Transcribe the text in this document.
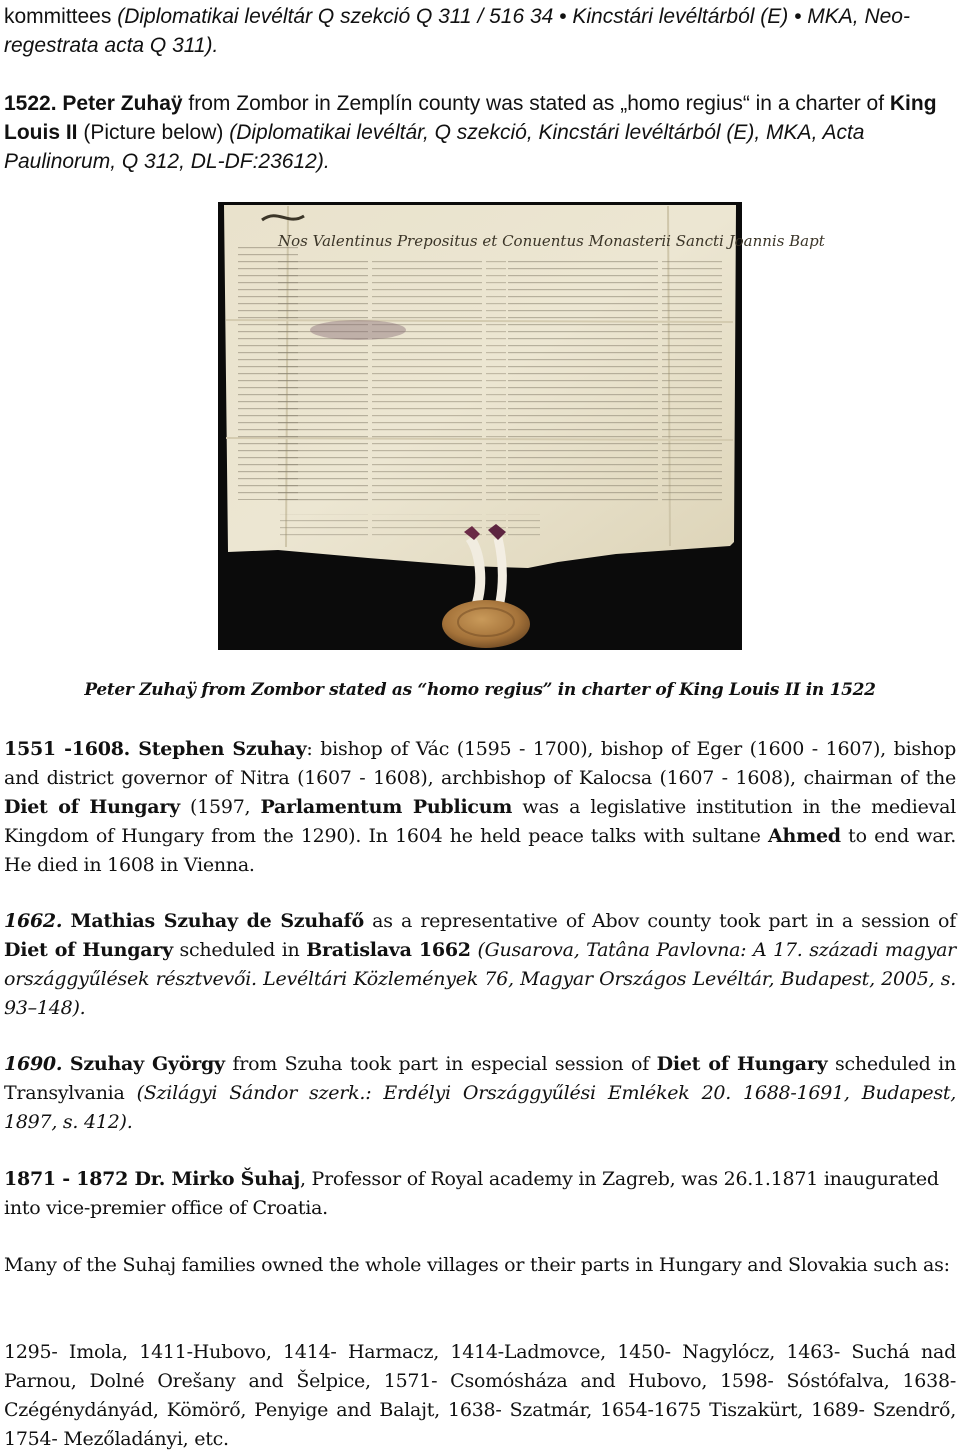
kommittees (Diplomatikai levéltár Q szekció Q 311 / 516 34 • Kincstári levéltárból (E) • MKA, Neo-regestrata acta Q 311).

1522. Peter Zuhaÿ from Zombor in Zemplín county was stated as „homo regius“ in a charter of King Louis II (Picture below) (Diplomatikai levéltár, Q szekció, Kincstári levéltárból (E), MKA, Acta Paulinorum, Q 312, DL-DF:23612).

Nos Valentinus Prepositus et Conuentus Monasterii Sancti Joannis Bapt

Peter Zuhaÿ from Zombor stated as “homo regius” in charter of King Louis II in 1522

1551 -1608. Stephen Szuhay: bishop of Vác (1595 - 1700), bishop of Eger (1600 - 1607), bishop and district governor of Nitra (1607 - 1608), archbishop of Kalocsa (1607 - 1608), chairman of the Diet of Hungary (1597, Parlamentum Publicum was a legislative institution in the medieval Kingdom of Hungary from the 1290). In 1604 he held peace talks with sultane Ahmed to end war. He died in 1608 in Vienna.

1662. Mathias Szuhay de Szuhafő as a representative of Abov county took part in a session of Diet of Hungary scheduled in Bratislava 1662 (Gusarova, Tatâna Pavlovna: A 17. századi magyar országgyűlések résztvevői. Levéltári Közlemények 76, Magyar Országos Levéltár, Budapest, 2005, s. 93–148).

1690. Szuhay György from Szuha took part in especial session of Diet of Hungary scheduled in Transylvania (Szilágyi Sándor szerk.: Erdélyi Országgyűlési Emlékek 20. 1688-1691, Budapest, 1897, s. 412).

1871 - 1872 Dr. Mirko Šuhaj, Professor of Royal academy in Zagreb, was 26.1.1871 inaugurated into vice-premier office of Croatia.

Many of the Suhaj families owned the whole villages or their parts in Hungary and Slovakia such as:

1295- Imola, 1411-Hubovo, 1414- Harmacz, 1414-Ladmovce, 1450- Nagylócz, 1463- Suchá nad Parnou, Dolné Orešany and Šelpice, 1571- Csomósháza and Hubovo, 1598- Sóstófalva, 1638- Czégénydányád, Kömörő, Penyige and Balajt, 1638- Szatmár, 1654-1675 Tiszakürt, 1689- Szendrő, 1754- Mezőladányi, etc.
